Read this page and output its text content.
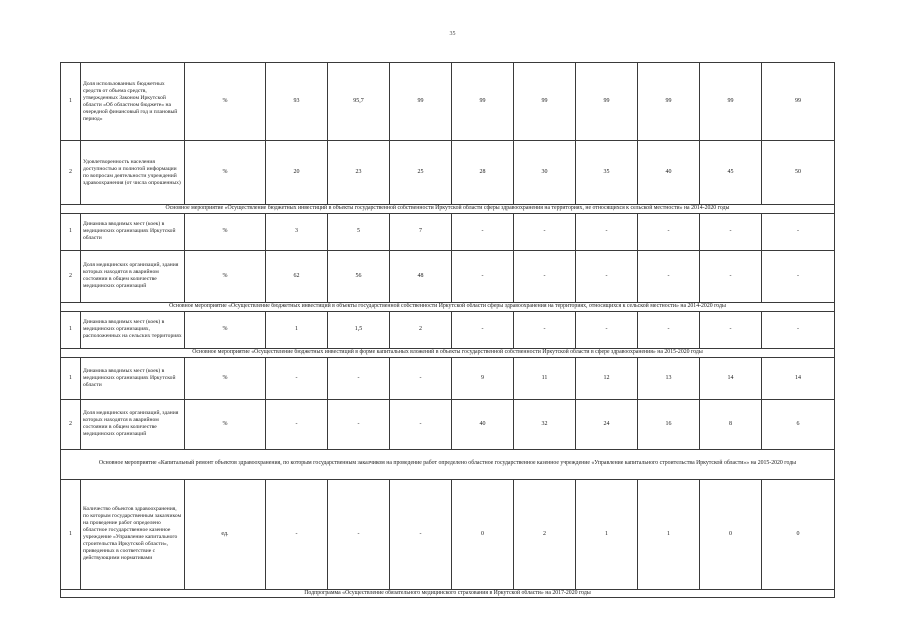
35
1	Доля использованных бюджетных средств от объема средств, утвержденных Законом Иркутской области «Об областном бюджете» на очередной финансовый год и плановый период»	%	93	95,7	99	99	99	99	99	99	99
2	Удовлетворенность населения доступностью и полнотой информации по вопросам деятельности учреждений здравоохранения (от числа опрошенных)	%	20	23	25	28	30	35	40	45	50
Основное мероприятие «Осуществление бюджетных инвестиций в объекты государственной собственности Иркутской области сферы здравоохранения на территориях, не относящихся к сельской местности» на 2014-2020 годы											
1	Динамика вводимых мест (коек) в медицинских организациях Иркутской области	%	3	5	7	-	-	-	-	-	-
2	Доля медицинских организаций, здания которых находятся в аварийном состоянии в общем количестве медицинских организаций	%	62	56	48	-	-	-	-	-	-
Основное мероприятие «Осуществление бюджетных инвестиций в объекты государственной собственности Иркутской области сферы здравоохранения на территориях, относящихся к сельской местности» на 2014-2020 годы											
1	Динамика вводимых мест (коек) в медицинских организациях, расположенных на сельских территориях	%	1	1,5	2	-	-	-	-	-	-
Основное мероприятие «Осуществление бюджетных инвестиций в форме капитальных вложений в объекты государственной собственности Иркутской области в сфере здравоохранения» на 2015-2020 годы											
1	Динамика вводимых мест (коек) в медицинских организациях Иркутской области	%	-	-	-	9	11	12	13	14	14
2	Доля медицинских организаций, здания которых находятся в аварийном состоянии в общем количестве медицинских организаций	%	-	-	-	40	32	24	16	8	6
Основное мероприятие «Капитальный ремонт объектов здравоохранения, по которым государственным заказчиком на проведение работ определено областное государственное казенное учреждение «Управление капитального строительства Иркутской области»» на 2015-2020 годы											
1	Количество объектов здравоохранения, по которым государственным заказчиком на проведение работ определено областное государственное казенное учреждение «Управление капитального строительства Иркутской области», приведенных в соответствие с действующими нормативами	ед.	-	-	-	0	2	1	1	0	0
Подпрограмма «Осуществление обязательного медицинского страхования в Иркутской области» на 2017-2020 годы											
